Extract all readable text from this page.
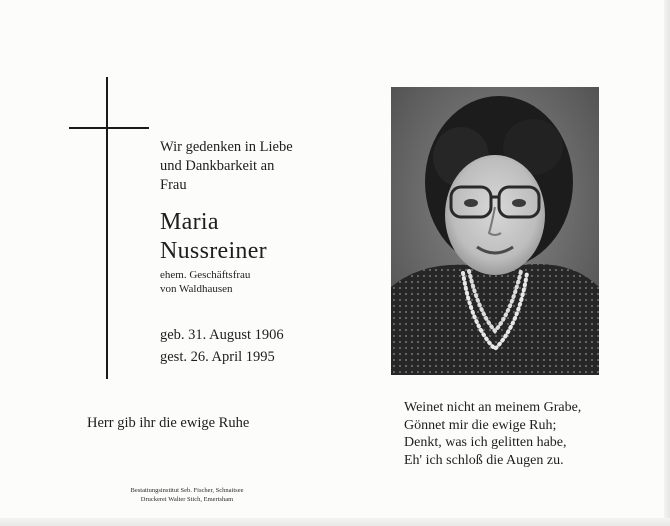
Wir gedenken in Liebe
und Dankbarkeit an
Frau
Maria
Nussreiner
ehem. Geschäftsfrau
von Waldhausen
geb. 31. August 1906
gest. 26. April 1995
Herr gib ihr die ewige Ruhe
Bestattungsinstitut Seb. Fischer, Schnaitsee
Druckerei Walter Stich, Emertsham
Weinet nicht an meinem Grabe,
Gönnet mir die ewige Ruh;
Denkt, was ich gelitten habe,
Eh' ich schloß die Augen zu.
